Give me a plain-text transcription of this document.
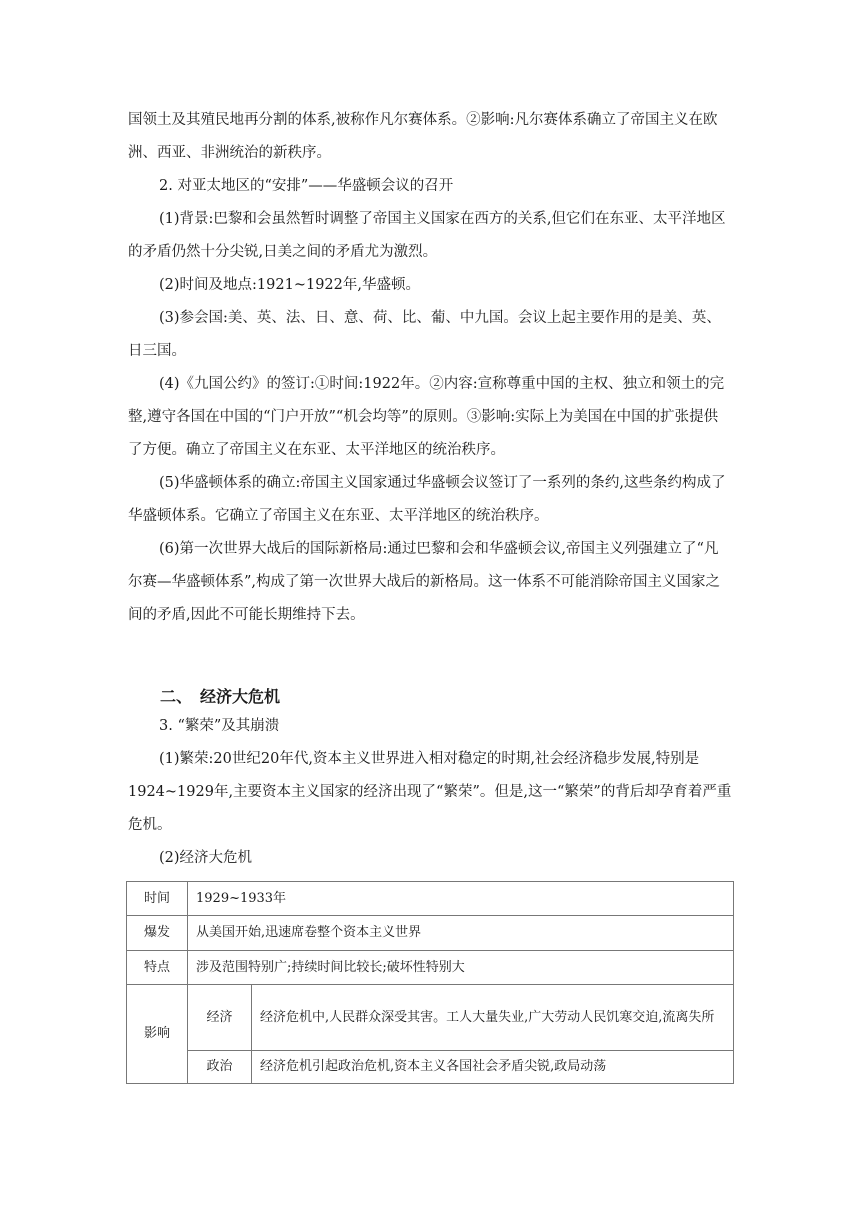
国领土及其殖民地再分割的体系,被称作凡尔赛体系。②影响:凡尔赛体系确立了帝国主义在欧洲、西亚、非洲统治的新秩序。

2. 对亚太地区的“安排”——华盛顿会议的召开

(1)背景:巴黎和会虽然暂时调整了帝国主义国家在西方的关系,但它们在东亚、太平洋地区的矛盾仍然十分尖锐,日美之间的矛盾尤为激烈。

(2)时间及地点:1921~1922年,华盛顿。

(3)参会国:美、英、法、日、意、荷、比、葡、中九国。会议上起主要作用的是美、英、日三国。

(4)《九国公约》的签订:①时间:1922年。②内容:宣称尊重中国的主权、独立和领土的完整,遵守各国在中国的“门户开放”“机会均等”的原则。③影响:实际上为美国在中国的扩张提供了方便。确立了帝国主义在东亚、太平洋地区的统治秩序。

(5)华盛顿体系的确立:帝国主义国家通过华盛顿会议签订了一系列的条约,这些条约构成了华盛顿体系。它确立了帝国主义在东亚、太平洋地区的统治秩序。

(6)第一次世界大战后的国际新格局:通过巴黎和会和华盛顿会议,帝国主义列强建立了“凡尔赛—华盛顿体系”,构成了第一次世界大战后的新格局。这一体系不可能消除帝国主义国家之间的矛盾,因此不可能长期维持下去。

二、　经济大危机

3. “繁荣”及其崩溃

(1)繁荣:20世纪20年代,资本主义世界进入相对稳定的时期,社会经济稳步发展,特别是1924~1929年,主要资本主义国家的经济出现了“繁荣”。但是,这一“繁荣”的背后却孕育着严重危机。

(2)经济大危机

时间	1929~1933年	
爆发	从美国开始,迅速席卷整个资本主义世界	
特点	涉及范围特别广;持续时间比较长;破坏性特别大	
影响	经济	经济危机中,人民群众深受其害。工人大量失业,广大劳动人民饥寒交迫,流离失所
	政治	经济危机引起政治危机,资本主义各国社会矛盾尖锐,政局动荡
